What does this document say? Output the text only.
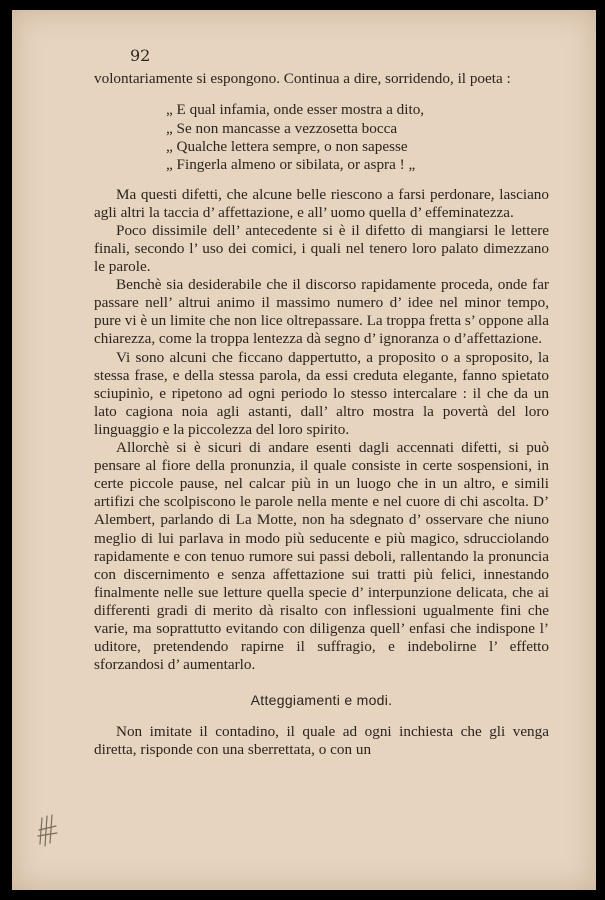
92

volontariamente si espongono. Continua a dire, sorridendo, il poeta :

„ E qual infamia, onde esser mostra a dito,
„ Se non mancasse a vezzosetta bocca
„ Qualche lettera sempre, o non sapesse
„ Fingerla almeno or sibilata, or aspra ! „

Ma questi difetti, che alcune belle riescono a farsi perdonare, lasciano agli altri la taccia d’ affettazione, e all’ uomo quella d’ effeminatezza.

Poco dissimile dell’ antecedente si è il difetto di mangiarsi le lettere finali, secondo l’ uso dei comici, i quali nel tenero loro palato dimezzano le parole.

Benchè sia desiderabile che il discorso rapidamente proceda, onde far passare nell’ altrui animo il massimo numero d’ idee nel minor tempo, pure vi è un limite che non lice oltrepassare. La troppa fretta s’ oppone alla chiarezza, come la troppa lentezza dà segno d’ ignoranza o d’affettazione.

Vi sono alcuni che ficcano dappertutto, a proposito o a sproposito, la stessa frase, e della stessa parola, da essi creduta elegante, fanno spietato sciupinìo, e ripetono ad ogni periodo lo stesso intercalare : il che da un lato cagiona noia agli astanti, dall’ altro mostra la povertà del loro linguaggio e la piccolezza del loro spirito.

Allorchè si è sicuri di andare esenti dagli accennati difetti, si può pensare al fiore della pronunzia, il quale consiste in certe sospensioni, in certe piccole pause, nel calcar più in un luogo che in un altro, e simili artifizi che scolpiscono le parole nella mente e nel cuore di chi ascolta. D’ Alembert, parlando di La Motte, non ha sdegnato d’ osservare che niuno meglio di lui parlava in modo più seducente e più magico, sdrucciolando rapidamente e con tenuo rumore sui passi deboli, rallentando la pronuncia con discernimento e senza affettazione sui tratti più felici, innestando finalmente nelle sue letture quella specie d’ interpunzione delicata, che ai differenti gradi di merito dà risalto con inflessioni ugualmente fini che varie, ma soprattutto evitando con diligenza quell’ enfasi che indispone l’ uditore, pretendendo rapirne il suffragio, e indebolirne l’ effetto sforzandosi d’ aumentarlo.

Atteggiamenti e modi.

Non imitate il contadino, il quale ad ogni inchiesta che gli venga diretta, risponde con una sberrettata, o con un
